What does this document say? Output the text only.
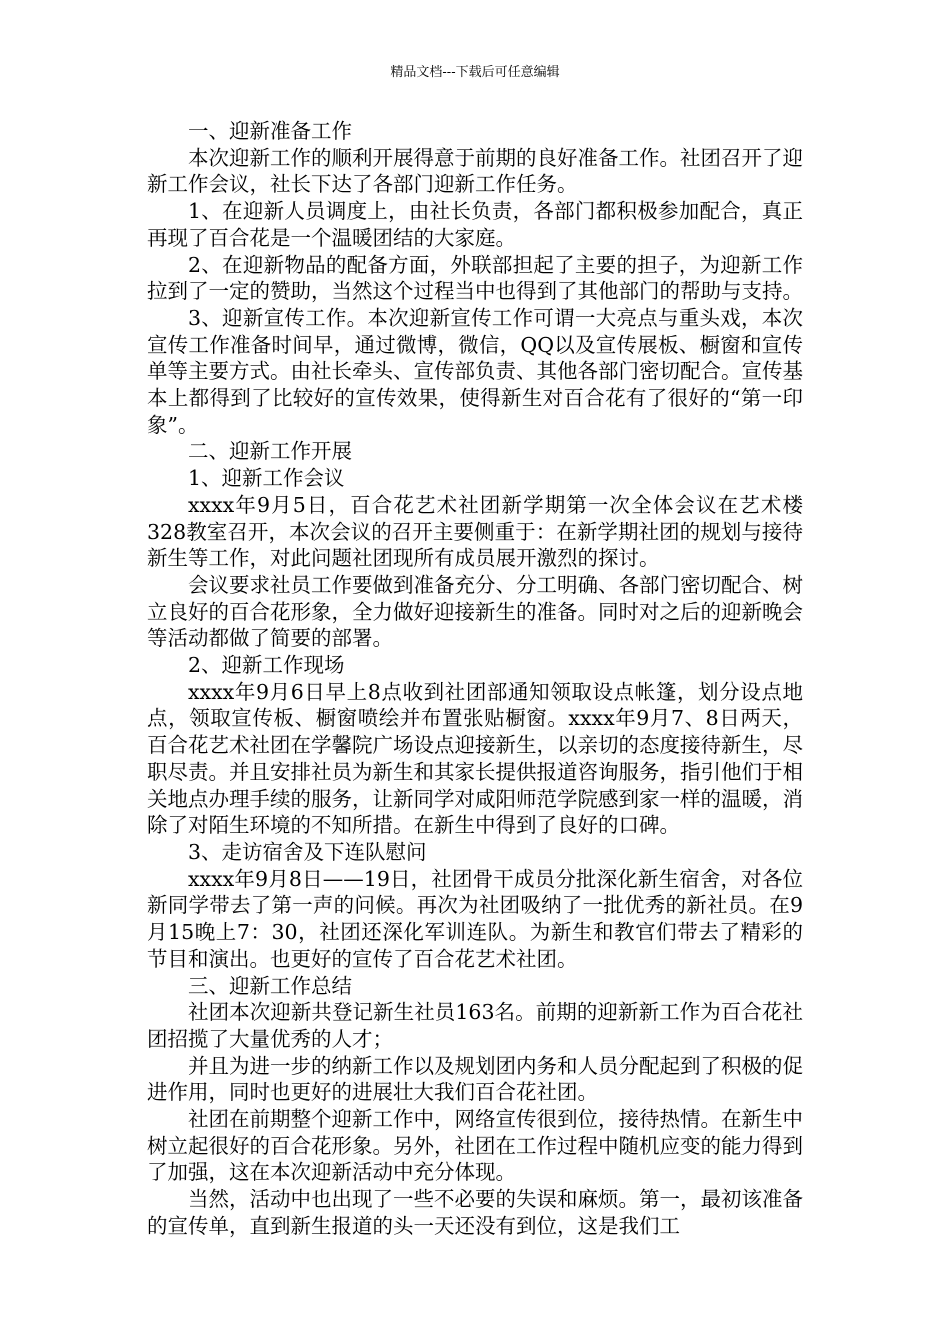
精品文档---下载后可任意编辑

一、迎新准备工作

本次迎新工作的顺利开展得意于前期的良好准备工作。社团召开了迎新工作会议，社长下达了各部门迎新工作任务。

1、在迎新人员调度上，由社长负责，各部门都积极参加配合，真正再现了百合花是一个温暖团结的大家庭。

2、在迎新物品的配备方面，外联部担起了主要的担子，为迎新工作拉到了一定的赞助，当然这个过程当中也得到了其他部门的帮助与支持。

3、迎新宣传工作。本次迎新宣传工作可谓一大亮点与重头戏，本次宣传工作准备时间早，通过微博，微信，QQ以及宣传展板、橱窗和宣传单等主要方式。由社长牵头、宣传部负责、其他各部门密切配合。宣传基本上都得到了比较好的宣传效果，使得新生对百合花有了很好的“第一印象”。

二、迎新工作开展

1、迎新工作会议

xxxx年9月5日，百合花艺术社团新学期第一次全体会议在艺术楼328教室召开，本次会议的召开主要侧重于：在新学期社团的规划与接待新生等工作，对此问题社团现所有成员展开激烈的探讨。

会议要求社员工作要做到准备充分、分工明确、各部门密切配合、树立良好的百合花形象，全力做好迎接新生的准备。同时对之后的迎新晚会等活动都做了简要的部署。

2、迎新工作现场

xxxx年9月6日早上8点收到社团部通知领取设点帐篷，划分设点地点，领取宣传板、橱窗喷绘并布置张贴橱窗。xxxx年9月7、8日两天，百合花艺术社团在学馨院广场设点迎接新生，以亲切的态度接待新生，尽职尽责。并且安排社员为新生和其家长提供报道咨询服务，指引他们于相关地点办理手续的服务，让新同学对咸阳师范学院感到家一样的温暖，消除了对陌生环境的不知所措。在新生中得到了良好的口碑。

3、走访宿舍及下连队慰问

xxxx年9月8日——19日，社团骨干成员分批深化新生宿舍，对各位新同学带去了第一声的问候。再次为社团吸纳了一批优秀的新社员。在9月15晚上7：30，社团还深化军训连队。为新生和教官们带去了精彩的节目和演出。也更好的宣传了百合花艺术社团。

三、迎新工作总结

社团本次迎新共登记新生社员163名。前期的迎新新工作为百合花社团招揽了大量优秀的人才；

并且为进一步的纳新工作以及规划团内务和人员分配起到了积极的促进作用，同时也更好的进展壮大我们百合花社团。

社团在前期整个迎新工作中，网络宣传很到位，接待热情。在新生中树立起很好的百合花形象。另外，社团在工作过程中随机应变的能力得到了加强，这在本次迎新活动中充分体现。

当然，活动中也出现了一些不必要的失误和麻烦。第一，最初该准备的宣传单，直到新生报道的头一天还没有到位，这是我们工
